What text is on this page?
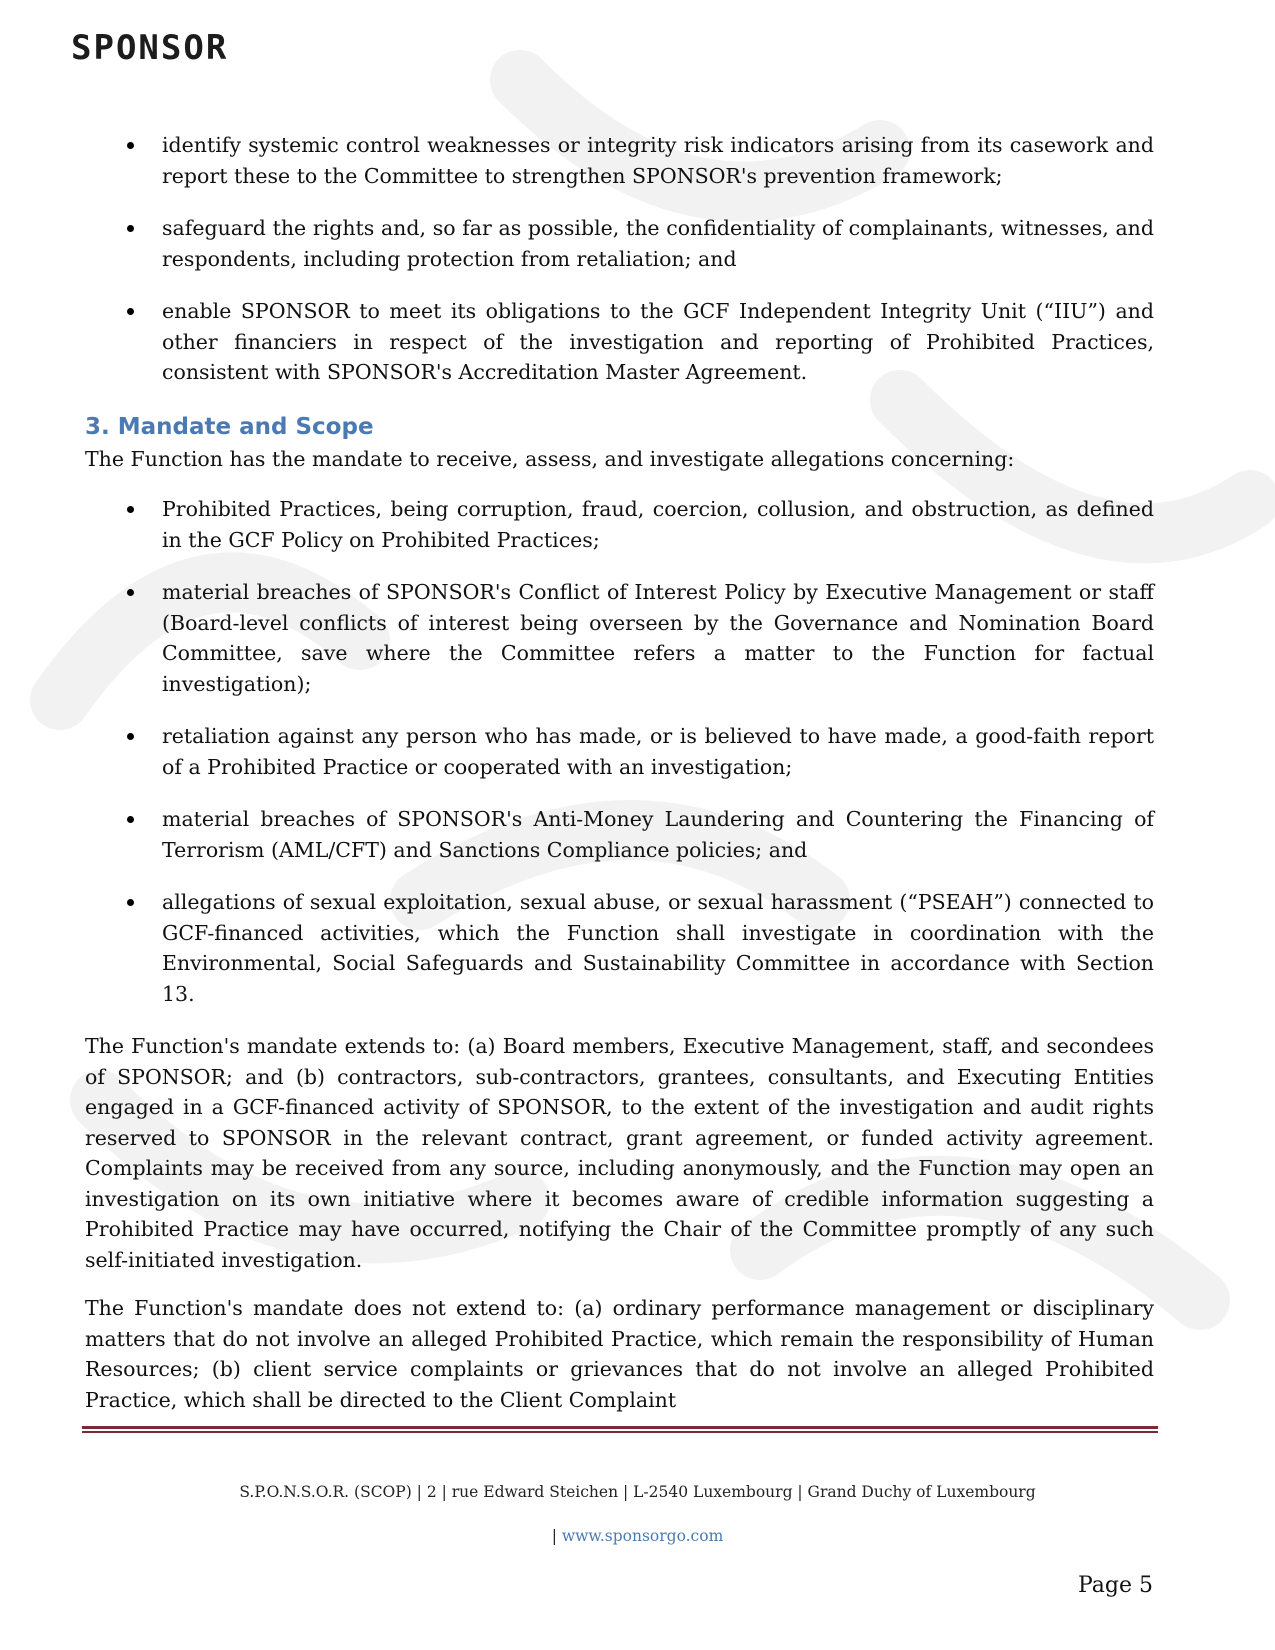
SPONSOR
identify systemic control weaknesses or integrity risk indicators arising from its casework and report these to the Committee to strengthen SPONSOR's prevention framework;
safeguard the rights and, so far as possible, the confidentiality of complainants, witnesses, and respondents, including protection from retaliation; and
enable SPONSOR to meet its obligations to the GCF Independent Integrity Unit (“IIU”) and other financiers in respect of the investigation and reporting of Prohibited Practices, consistent with SPONSOR's Accreditation Master Agreement.
3. Mandate and Scope

The Function has the mandate to receive, assess, and investigate allegations concerning:

Prohibited Practices, being corruption, fraud, coercion, collusion, and obstruction, as defined in the GCF Policy on Prohibited Practices;
material breaches of SPONSOR's Conflict of Interest Policy by Executive Management or staff (Board-level conflicts of interest being overseen by the Governance and Nomination Board Committee, save where the Committee refers a matter to the Function for factual investigation);
retaliation against any person who has made, or is believed to have made, a good-faith report of a Prohibited Practice or cooperated with an investigation;
material breaches of SPONSOR's Anti-Money Laundering and Countering the Financing of Terrorism (AML/CFT) and Sanctions Compliance policies; and
allegations of sexual exploitation, sexual abuse, or sexual harassment (“PSEAH”) connected to GCF-financed activities, which the Function shall investigate in coordination with the Environmental, Social Safeguards and Sustainability Committee in accordance with Section 13.

The Function's mandate extends to: (a) Board members, Executive Management, staff, and secondees of SPONSOR; and (b) contractors, sub-contractors, grantees, consultants, and Executing Entities engaged in a GCF-financed activity of SPONSOR, to the extent of the investigation and audit rights reserved to SPONSOR in the relevant contract, grant agreement, or funded activity agreement. Complaints may be received from any source, including anonymously, and the Function may open an investigation on its own initiative where it becomes aware of credible information suggesting a Prohibited Practice may have occurred, notifying the Chair of the Committee promptly of any such self-initiated investigation.

The Function's mandate does not extend to: (a) ordinary performance management or disciplinary matters that do not involve an alleged Prohibited Practice, which remain the responsibility of Human Resources; (b) client service complaints or grievances that do not involve an alleged Prohibited Practice, which shall be directed to the Client Complaint

S.P.O.N.S.O.R. (SCOP) | 2 | rue Edward Steichen | L-2540 Luxembourg | Grand Duchy of Luxembourg
| www.sponsorgo.com
Page 5
